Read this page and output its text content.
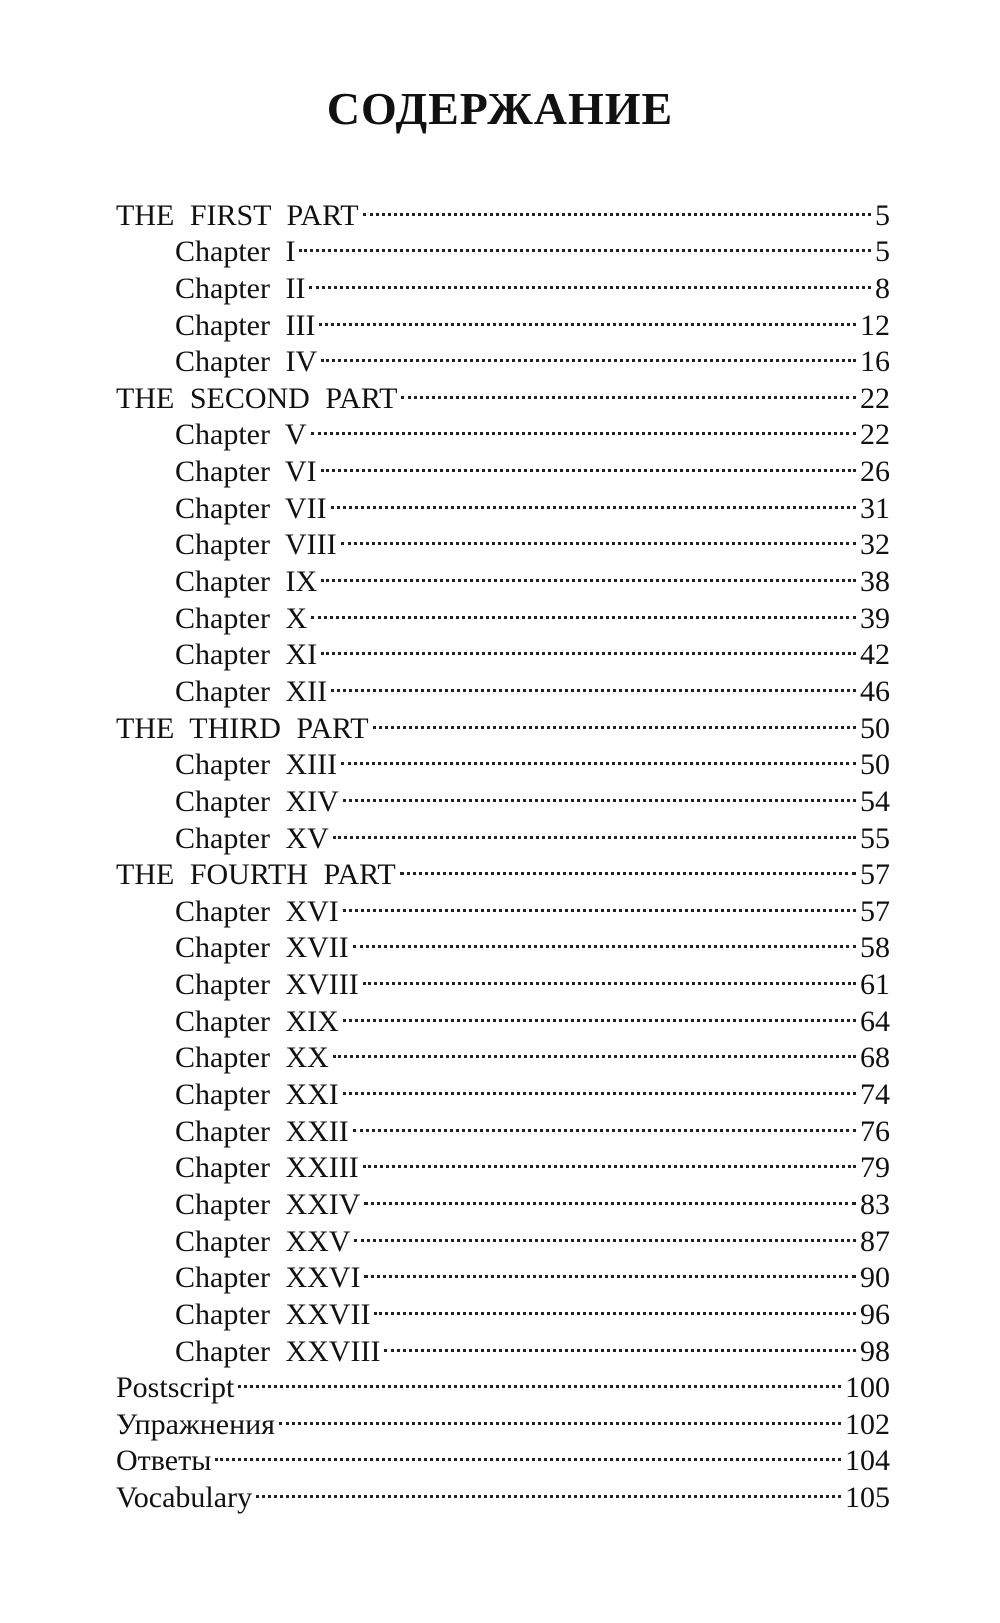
СОДЕРЖАНИЕ
THE FIRST PART	5
Chapter I	5
Chapter II	8
Chapter III	12
Chapter IV	16
THE SECOND PART	22
Chapter V	22
Chapter VI	26
Chapter VII	31
Chapter VIII	32
Chapter IX	38
Chapter X	39
Chapter XI	42
Chapter XII	46
THE THIRD PART	50
Chapter XIII	50
Chapter XIV	54
Chapter XV	55
THE FOURTH PART	57
Chapter XVI	57
Chapter XVII	58
Chapter XVIII	61
Chapter XIX	64
Chapter XX	68
Chapter XXI	74
Chapter XXII	76
Chapter XXIII	79
Chapter XXIV	83
Chapter XXV	87
Chapter XXVI	90
Chapter XXVII	96
Chapter XXVIII	98
Postscript	100
Упражнения	102
Ответы	104
Vocabulary	105
